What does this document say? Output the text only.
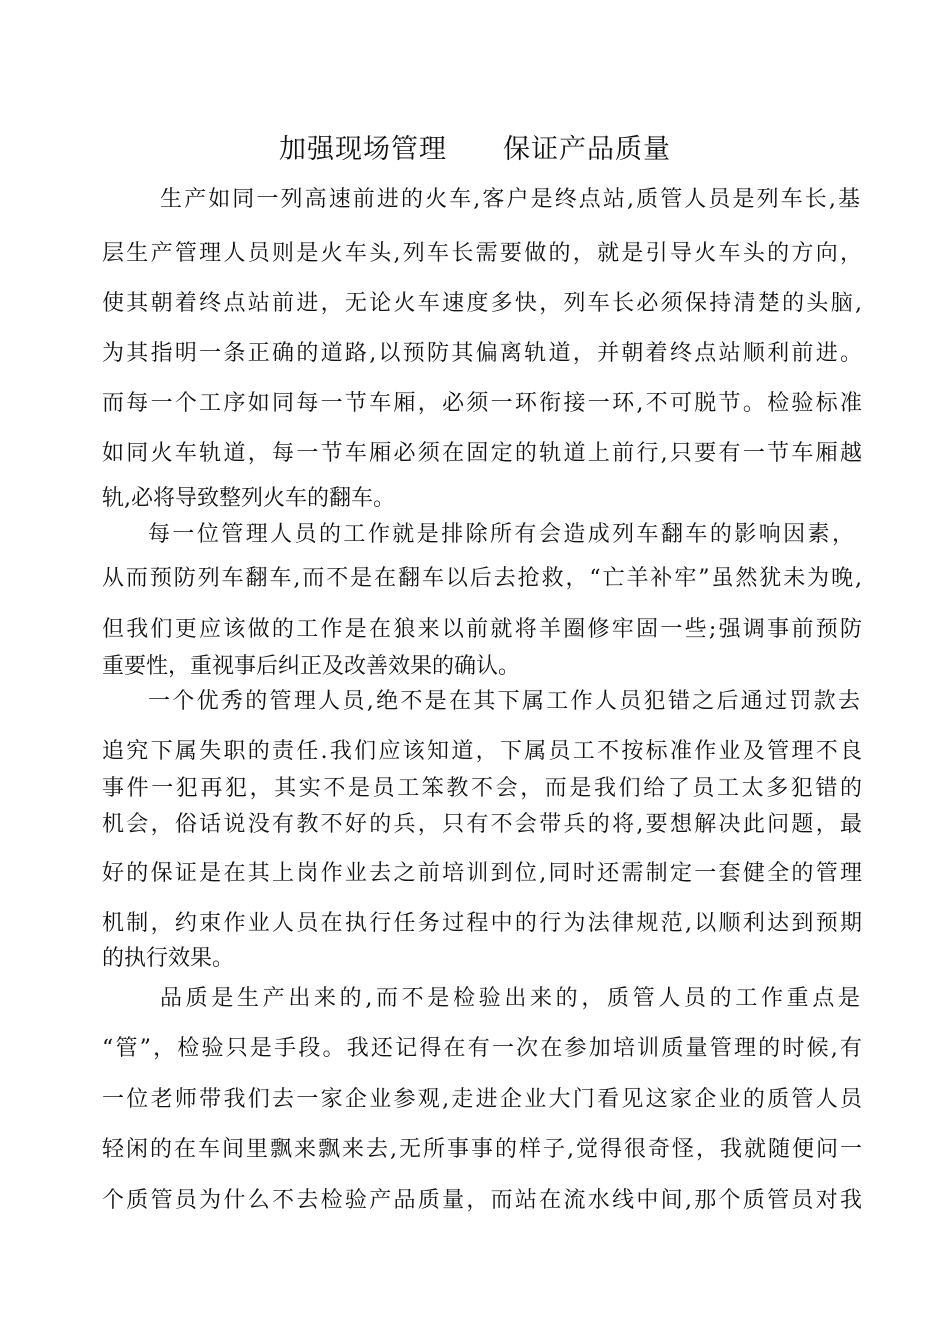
加强现场管理　　保证产品质量
生产如同一列高速前进的火车,客户是终点站,质管人员是列车长,基
层生产管理人员则是火车头,列车长需要做的，就是引导火车头的方向，
使其朝着终点站前进，无论火车速度多快，列车长必须保持清楚的头脑,
为其指明一条正确的道路,以预防其偏离轨道，并朝着终点站顺利前进。
而每一个工序如同每一节车厢，必须一环衔接一环,不可脱节。检验标准
如同火车轨道，每一节车厢必须在固定的轨道上前行,只要有一节车厢越
轨,必将导致整列火车的翻车。
每一位管理人员的工作就是排除所有会造成列车翻车的影响因素，
从而预防列车翻车,而不是在翻车以后去抢救，“亡羊补牢”虽然犹未为晚,
但我们更应该做的工作是在狼来以前就将羊圈修牢固一些;强调事前预防
重要性，重视事后纠正及改善效果的确认。
一个优秀的管理人员,绝不是在其下属工作人员犯错之后通过罚款去
追究下属失职的责任.我们应该知道，下属员工不按标准作业及管理不良
事件一犯再犯，其实不是员工笨教不会，而是我们给了员工太多犯错的
机会，俗话说没有教不好的兵，只有不会带兵的将,要想解决此问题，最
好的保证是在其上岗作业去之前培训到位,同时还需制定一套健全的管理
机制，约束作业人员在执行任务过程中的行为法律规范,以顺利达到预期
的执行效果。
品质是生产出来的,而不是检验出来的，质管人员的工作重点是
“管”，检验只是手段。我还记得在有一次在参加培训质量管理的时候,有
一位老师带我们去一家企业参观,走进企业大门看见这家企业的质管人员
轻闲的在车间里飘来飘来去,无所事事的样子,觉得很奇怪，我就随便问一
个质管员为什么不去检验产品质量，而站在流水线中间,那个质管员对我
